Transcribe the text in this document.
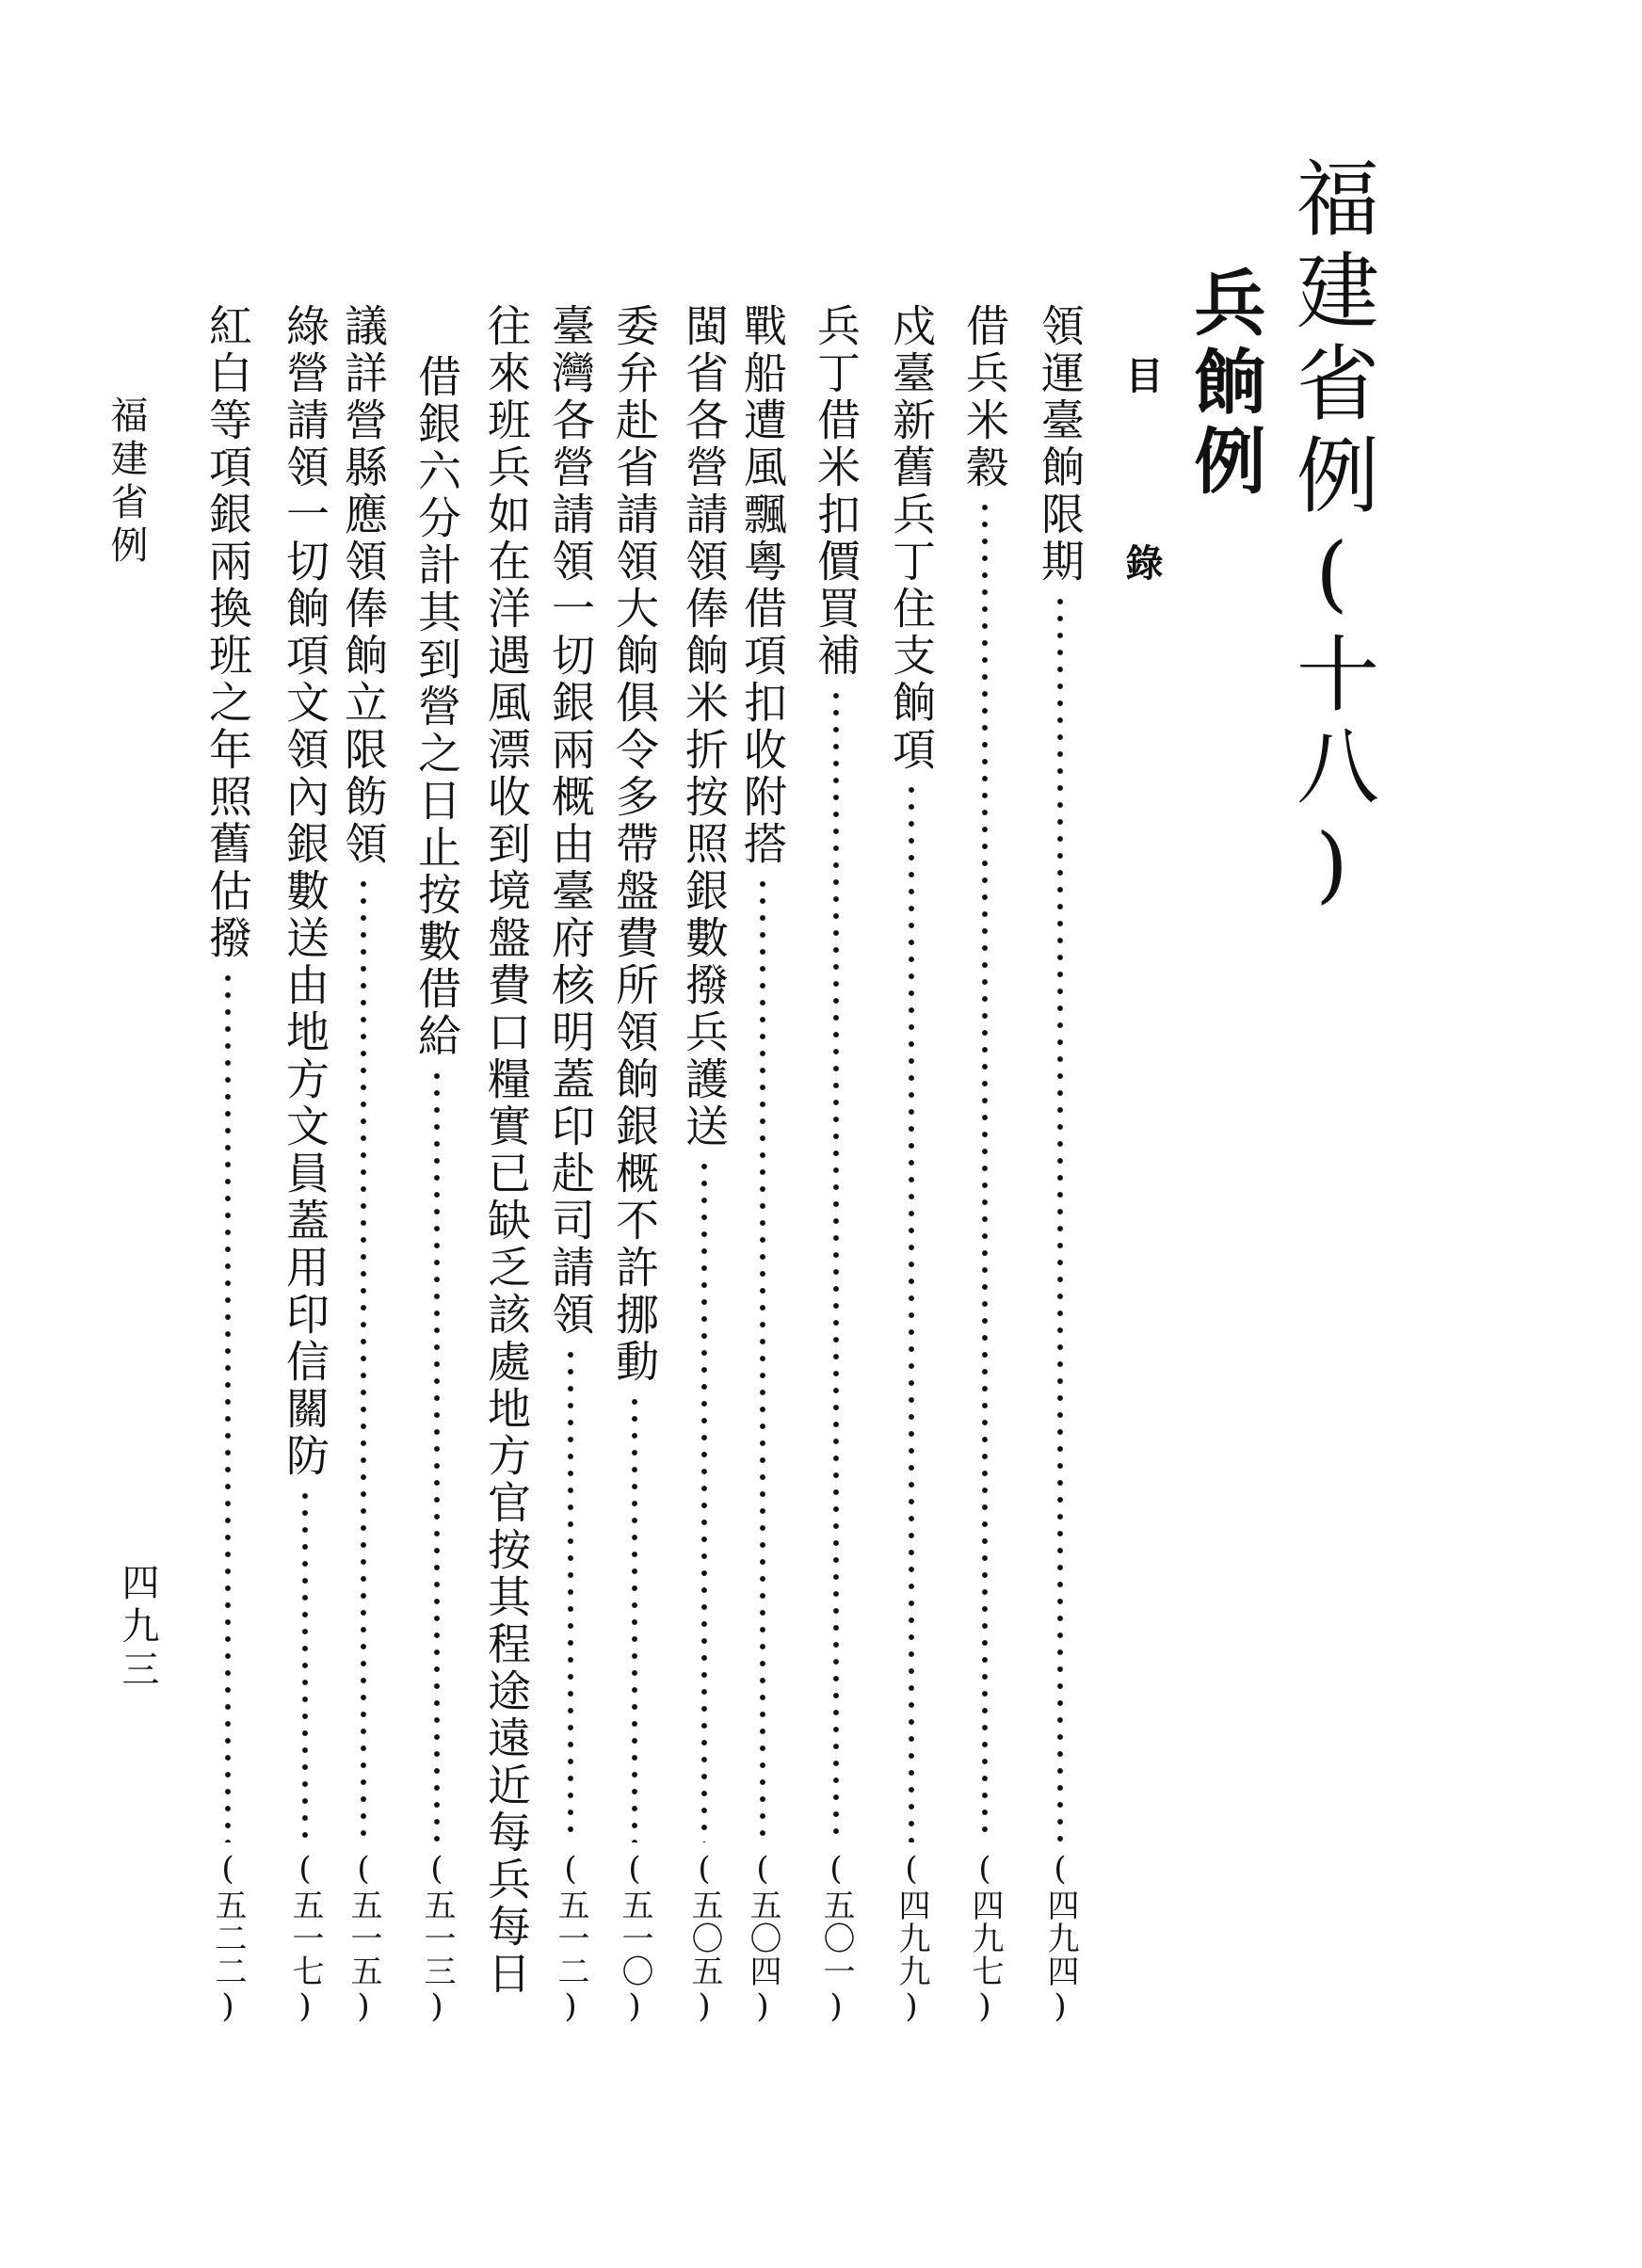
福建省例(十八)
兵餉例
目 錄
領運臺餉限期
(四九四)
借兵米穀
(四九七)
戍臺新舊兵丁住支餉項
(四九九)
兵丁借米扣價買補
(五〇一)
戰船遭風飄粵借項扣收附搭
(五〇四)
閩省各營請領俸餉米折按照銀數撥兵護送
(五〇五)
委弁赴省請領大餉俱令多帶盤費所領餉銀概不許挪動
(五一〇)
臺灣各營請領一切銀兩概由臺府核明蓋印赴司請領
(五一二)
往來班兵如在洋遇風漂收到境盤費口糧實已缺乏該處地方官按其程途遠近每兵每日
借銀六分計其到營之日止按數借給
(五一三)
議詳營縣應領俸餉立限飭領
(五一五)
綠營請領一切餉項文領內銀數送由地方文員蓋用印信關防
(五一七)
紅白等項銀兩換班之年照舊估撥
(五二二)
福建省例
四九三
